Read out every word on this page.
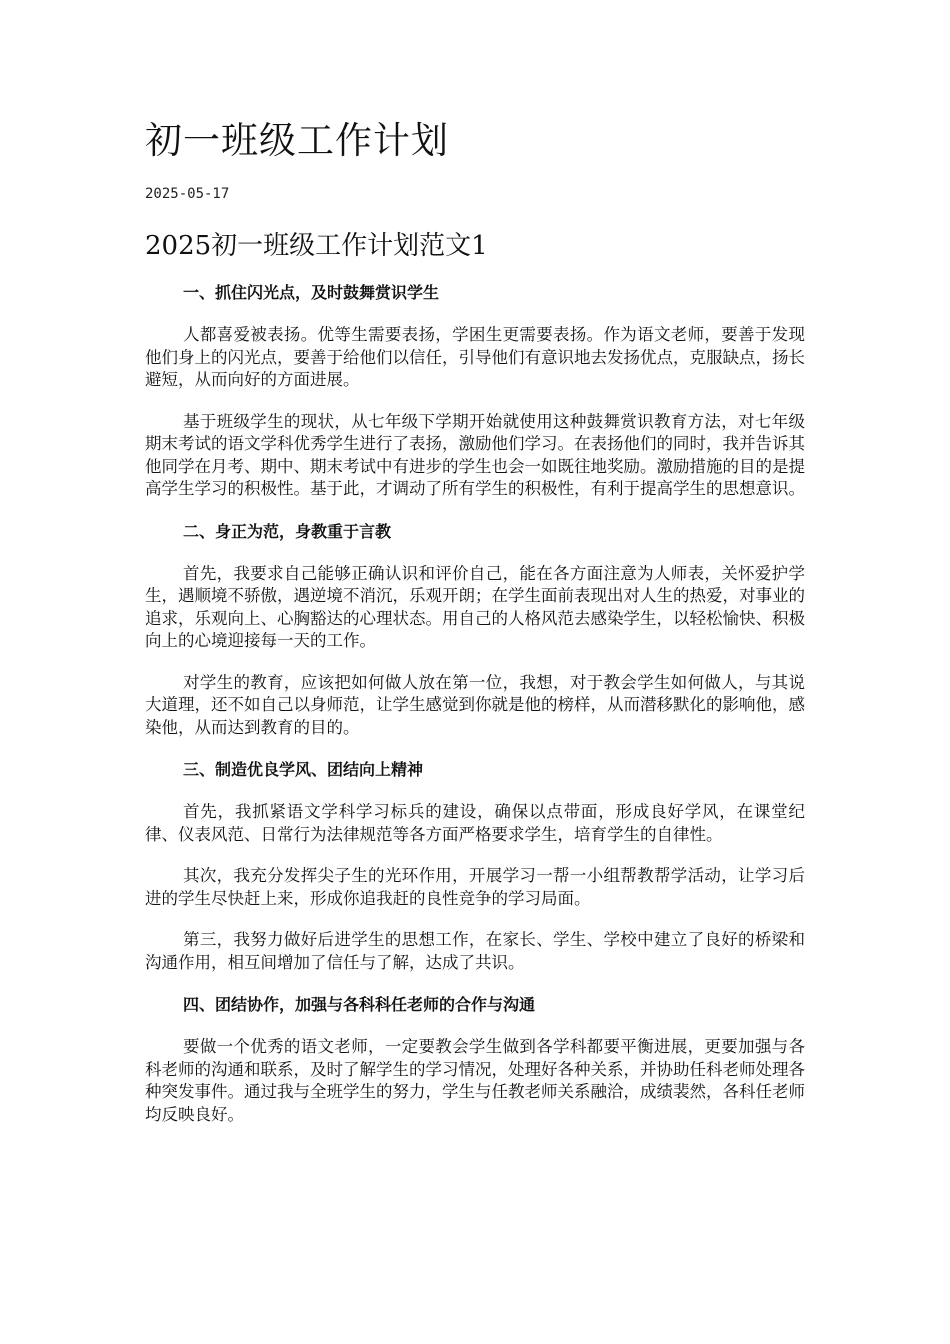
初一班级工作计划
2025-05-17
2025初一班级工作计划范文1
一、抓住闪光点，及时鼓舞赏识学生

人都喜爱被表扬。优等生需要表扬，学困生更需要表扬。作为语文老师，要善于发现他们身上的闪光点，要善于给他们以信任，引导他们有意识地去发扬优点，克服缺点，扬长避短，从而向好的方面进展。

基于班级学生的现状，从七年级下学期开始就使用这种鼓舞赏识教育方法，对七年级期末考试的语文学科优秀学生进行了表扬，激励他们学习。在表扬他们的同时，我并告诉其他同学在月考、期中、期末考试中有进步的学生也会一如既往地奖励。激励措施的目的是提高学生学习的积极性。基于此，才调动了所有学生的积极性，有利于提高学生的思想意识。

二、身正为范，身教重于言教

首先，我要求自己能够正确认识和评价自己，能在各方面注意为人师表，关怀爱护学生，遇顺境不骄傲，遇逆境不消沉，乐观开朗；在学生面前表现出对人生的热爱，对事业的追求，乐观向上、心胸豁达的心理状态。用自己的人格风范去感染学生，以轻松愉快、积极向上的心境迎接每一天的工作。

对学生的教育，应该把如何做人放在第一位，我想，对于教会学生如何做人，与其说大道理，还不如自己以身师范，让学生感觉到你就是他的榜样，从而潜移默化的影响他，感染他，从而达到教育的目的。

三、制造优良学风、团结向上精神

首先，我抓紧语文学科学习标兵的建设，确保以点带面，形成良好学风，在课堂纪律、仪表风范、日常行为法律规范等各方面严格要求学生，培育学生的自律性。

其次，我充分发挥尖子生的光环作用，开展学习一帮一小组帮教帮学活动，让学习后进的学生尽快赶上来，形成你追我赶的良性竞争的学习局面。

第三，我努力做好后进学生的思想工作，在家长、学生、学校中建立了良好的桥梁和沟通作用，相互间增加了信任与了解，达成了共识。

四、团结协作，加强与各科科任老师的合作与沟通

要做一个优秀的语文老师，一定要教会学生做到各学科都要平衡进展，更要加强与各科老师的沟通和联系，及时了解学生的学习情况，处理好各种关系，并协助任科老师处理各种突发事件。通过我与全班学生的努力，学生与任教老师关系融洽，成绩裴然，各科任老师均反映良好。
